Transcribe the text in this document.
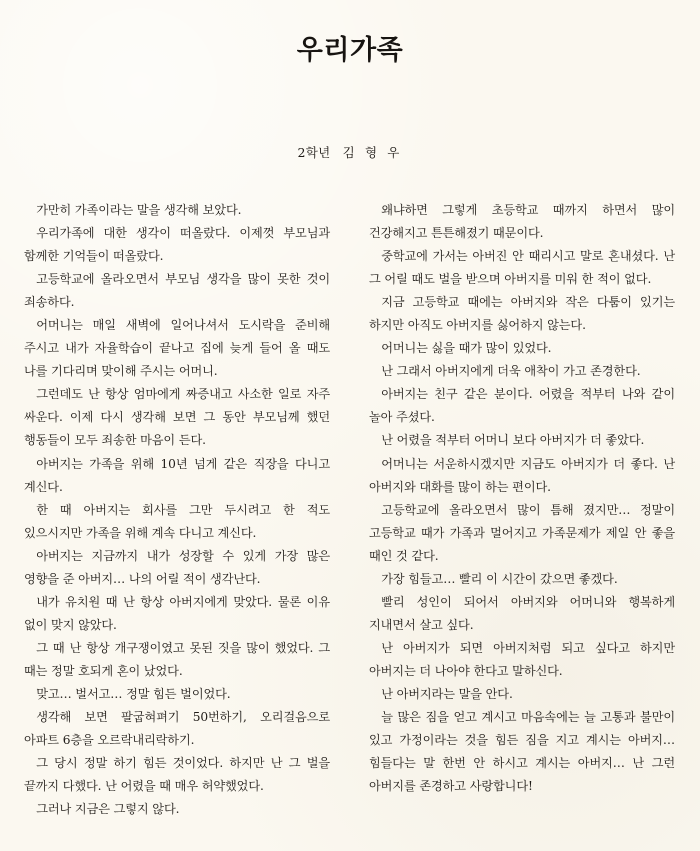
우리가족
2학년 김 형 우

가만히 가족이라는 말을 생각해 보았다.

우리가족에 대한 생각이 떠올랐다. 이제껏 부모님과 함께한 기억들이 떠올랐다.

고등학교에 올라오면서 부모님 생각을 많이 못한 것이 죄송하다.

어머니는 매일 새벽에 일어나셔서 도시락을 준비해 주시고 내가 자율학습이 끝나고 집에 늦게 들어 올 때도 나를 기다리며 맞이해 주시는 어머니.

그런데도 난 항상 엄마에게 짜증내고 사소한 일로 자주 싸운다. 이제 다시 생각해 보면 그 동안 부모님께 했던 행동들이 모두 죄송한 마음이 든다.

아버지는 가족을 위해 10년 넘게 같은 직장을 다니고 계신다.

한 때 아버지는 회사를 그만 두시려고 한 적도 있으시지만 가족을 위해 계속 다니고 계신다.

아버지는 지금까지 내가 성장할 수 있게 가장 많은 영향을 준 아버지… 나의 어릴 적이 생각난다.

내가 유치원 때 난 항상 아버지에게 맞았다. 물론 이유 없이 맞지 않았다.

그 때 난 항상 개구쟁이였고 못된 짓을 많이 했었다. 그 때는 정말 호되게 혼이 났었다.

맞고… 벌서고… 정말 힘든 벌이었다.

생각해 보면 팔굽혀펴기 50번하기, 오리걸음으로 아파트 6층을 오르락내리락하기.

그 당시 정말 하기 힘든 것이었다. 하지만 난 그 벌을 끝까지 다했다. 난 어렸을 때 매우 허약했었다.

그러나 지금은 그렇지 않다.

왜냐하면 그렇게 초등학교 때까지 하면서 많이 건강해지고 튼튼해졌기 때문이다.

중학교에 가서는 아버진 안 때리시고 말로 혼내셨다. 난 그 어릴 때도 벌을 받으며 아버지를 미워 한 적이 없다.

지금 고등학교 때에는 아버지와 작은 다툼이 있기는 하지만 아직도 아버지를 싫어하지 않는다.

어머니는 싫을 때가 많이 있었다.

난 그래서 아버지에게 더욱 애착이 가고 존경한다.

아버지는 친구 같은 분이다. 어렸을 적부터 나와 같이 놀아 주셨다.

난 어렸을 적부터 어머니 보다 아버지가 더 좋았다.

어머니는 서운하시겠지만 지금도 아버지가 더 좋다. 난 아버지와 대화를 많이 하는 편이다.

고등학교에 올라오면서 많이 틈해 졌지만… 정말이 고등학교 때가 가족과 멀어지고 가족문제가 제일 안 좋을 때인 것 같다.

가장 힘들고… 빨리 이 시간이 갔으면 좋겠다.

빨리 성인이 되어서 아버지와 어머니와 행복하게 지내면서 살고 싶다.

난 아버지가 되면 아버지처럼 되고 싶다고 하지만 아버지는 더 나아야 한다고 말하신다.

난 아버지라는 말을 안다.

늘 많은 짐을 얻고 계시고 마음속에는 늘 고통과 불만이 있고 가정이라는 것을 힘든 짐을 지고 계시는 아버지… 힘들다는 말 한번 안 하시고 계시는 아버지… 난 그런 아버지를 존경하고 사랑합니다!
